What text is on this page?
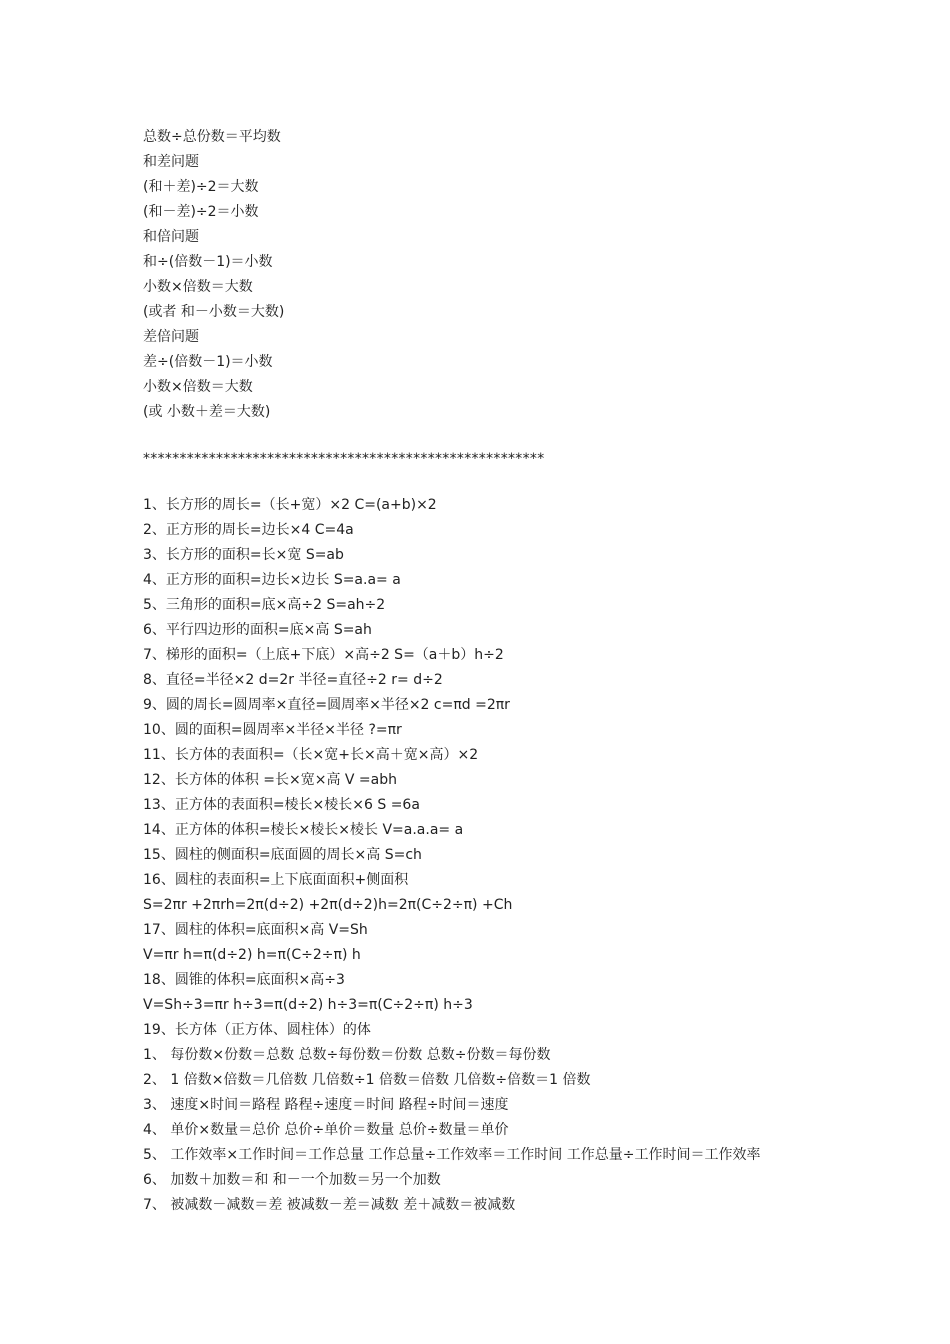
总数÷总份数＝平均数
和差问题
(和＋差)÷2＝大数
(和－差)÷2＝小数
和倍问题
和÷(倍数－1)＝小数
小数×倍数＝大数
(或者 和－小数＝大数)
差倍问题
差÷(倍数－1)＝小数
小数×倍数＝大数
(或 小数＋差＝大数)
*******************************************************
1、长方形的周长=（长+宽）×2 C=(a+b)×2
2、正方形的周长=边长×4 C=4a
3、长方形的面积=长×宽 S=ab
4、正方形的面积=边长×边长 S=a.a= a
5、三角形的面积=底×高÷2 S=ah÷2
6、平行四边形的面积=底×高 S=ah
7、梯形的面积=（上底+下底）×高÷2 S=（a＋b）h÷2
8、直径=半径×2 d=2r 半径=直径÷2 r= d÷2
9、圆的周长=圆周率×直径=圆周率×半径×2 c=πd =2πr
10、圆的面积=圆周率×半径×半径 ?=πr
11、长方体的表面积=（长×宽+长×高＋宽×高）×2
12、长方体的体积 =长×宽×高 V =abh
13、正方体的表面积=棱长×棱长×6 S =6a
14、正方体的体积=棱长×棱长×棱长 V=a.a.a= a
15、圆柱的侧面积=底面圆的周长×高 S=ch
16、圆柱的表面积=上下底面面积+侧面积
S=2πr +2πrh=2π(d÷2) +2π(d÷2)h=2π(C÷2÷π) +Ch
17、圆柱的体积=底面积×高 V=Sh
V=πr h=π(d÷2) h=π(C÷2÷π) h
18、圆锥的体积=底面积×高÷3
V=Sh÷3=πr h÷3=π(d÷2) h÷3=π(C÷2÷π) h÷3
19、长方体（正方体、圆柱体）的体
1、 每份数×份数＝总数 总数÷每份数＝份数 总数÷份数＝每份数
2、 1 倍数×倍数＝几倍数 几倍数÷1 倍数＝倍数 几倍数÷倍数＝1 倍数
3、 速度×时间＝路程 路程÷速度＝时间 路程÷时间＝速度
4、 单价×数量＝总价 总价÷单价＝数量 总价÷数量＝单价
5、 工作效率×工作时间＝工作总量 工作总量÷工作效率＝工作时间 工作总量÷工作时间＝工作效率
6、 加数＋加数＝和 和－一个加数＝另一个加数
7、 被减数－减数＝差 被减数－差＝减数 差＋减数＝被减数
